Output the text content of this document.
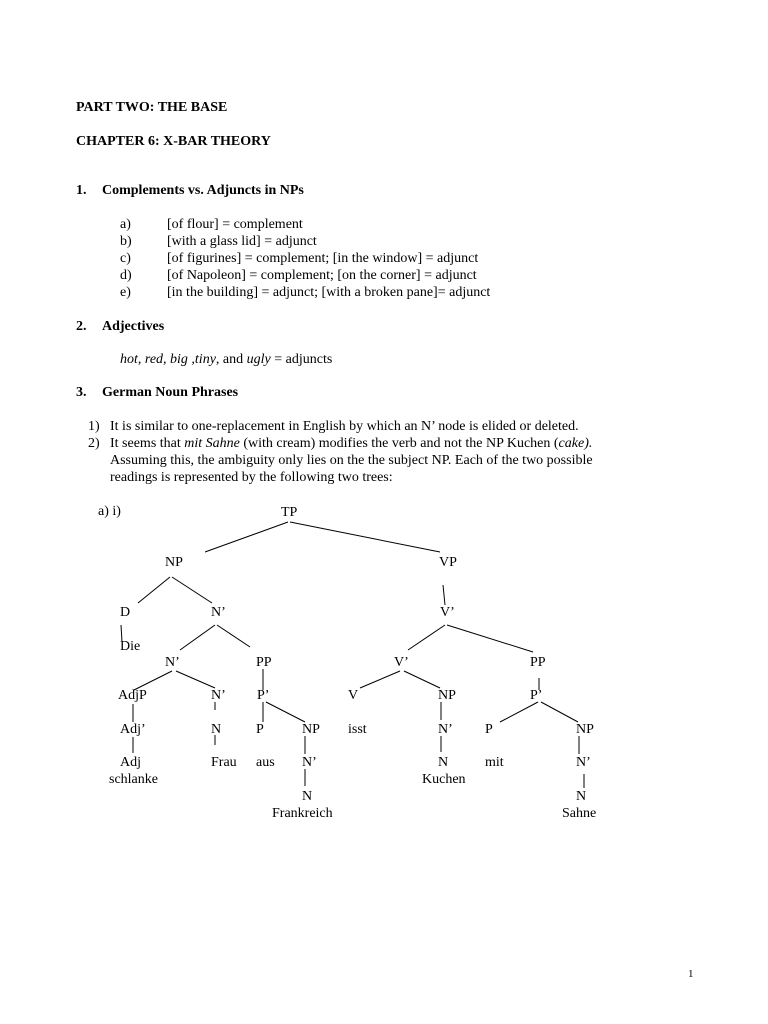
PART TWO: THE BASE
CHAPTER 6: X-BAR THEORY
1. Complements vs. Adjuncts in NPs
a)	[of flour] = complement
b)	[with a glass lid] = adjunct
c)	[of figurines] = complement; [in the window] = adjunct
d)	[of Napoleon] = complement; [on the corner] = adjunct
e)	[in the building] = adjunct; [with a broken pane]= adjunct
2. Adjectives
hot, red, big ,tiny, and ugly = adjuncts
3. German Noun Phrases
1) It is similar to one-replacement in English by which an N’ node is elided or deleted.
2) It seems that mit Sahne (with cream) modifies the verb and not the NP Kuchen (cake).
Assuming this, the ambiguity only lies on the the subject NP. Each of the two possible
readings is represented by the following two trees:
a) i)	TP
NP	VP
D	N’	V’
Die
N’	PP	V’	PP
AdjP	N’ P’	V	NP	P’
Adj’	N P	NP isst	N’ P	NP
Adj	Frau aus N’	N	mit	N’
schlanke	Kuchen
N	N
Frankreich	Sahne
1
